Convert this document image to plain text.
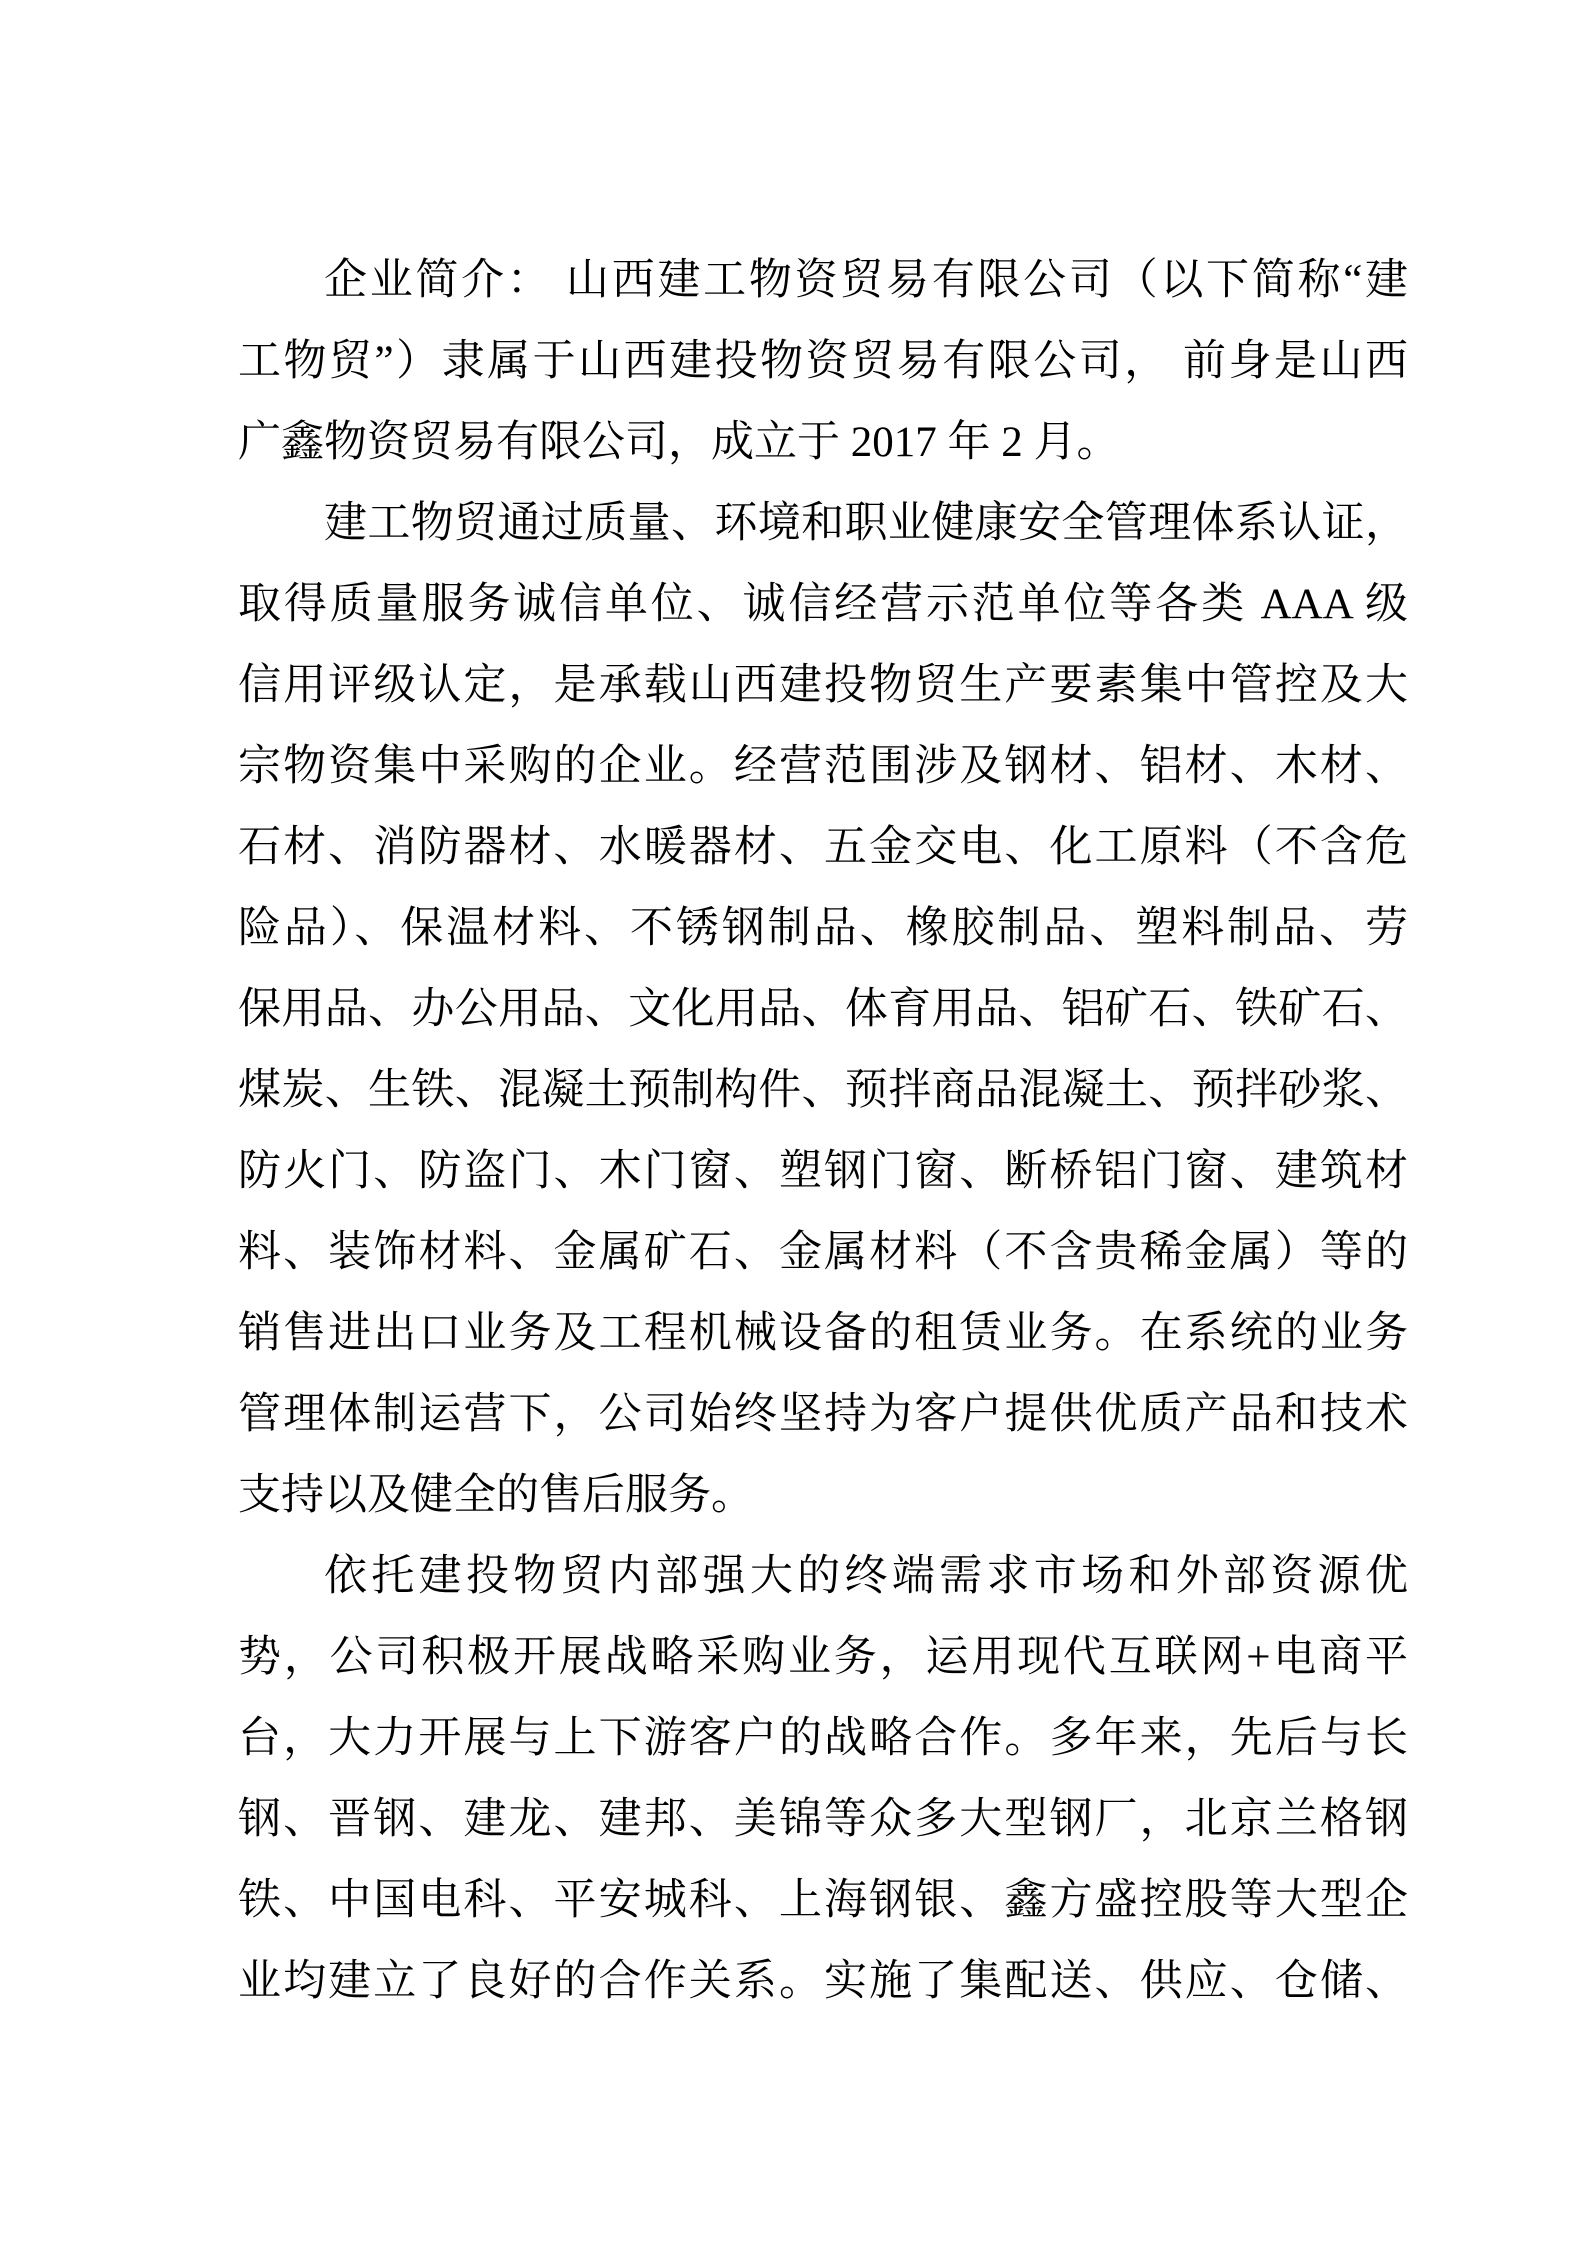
企业简介： 山西建工物资贸易有限公司（以下简称“建
工物贸”）隶属于山西建投物资贸易有限公司， 前身是山西
广鑫物资贸易有限公司，成立于 2017 年 2 月。
建工物贸通过质量、环境和职业健康安全管理体系认证，
取得质量服务诚信单位、诚信经营示范单位等各类 AAA 级
信用评级认定，是承载山西建投物贸生产要素集中管控及大
宗物资集中采购的企业。经营范围涉及钢材、铝材、木材、
石材、消防器材、水暖器材、五金交电、化工原料（不含危
险品）、保温材料、不锈钢制品、橡胶制品、塑料制品、劳
保用品、办公用品、文化用品、体育用品、铝矿石、铁矿石、
煤炭、生铁、混凝土预制构件、预拌商品混凝土、预拌砂浆、
防火门、防盗门、木门窗、塑钢门窗、断桥铝门窗、建筑材
料、装饰材料、金属矿石、金属材料（不含贵稀金属）等的
销售进出口业务及工程机械设备的租赁业务。在系统的业务
管理体制运营下，公司始终坚持为客户提供优质产品和技术
支持以及健全的售后服务。
依托建投物贸内部强大的终端需求市场和外部资源优
势，公司积极开展战略采购业务，运用现代互联网+电商平
台，大力开展与上下游客户的战略合作。多年来，先后与长
钢、晋钢、建龙、建邦、美锦等众多大型钢厂，北京兰格钢
铁、中国电科、平安城科、上海钢银、鑫方盛控股等大型企
业均建立了良好的合作关系。实施了集配送、供应、仓储、
